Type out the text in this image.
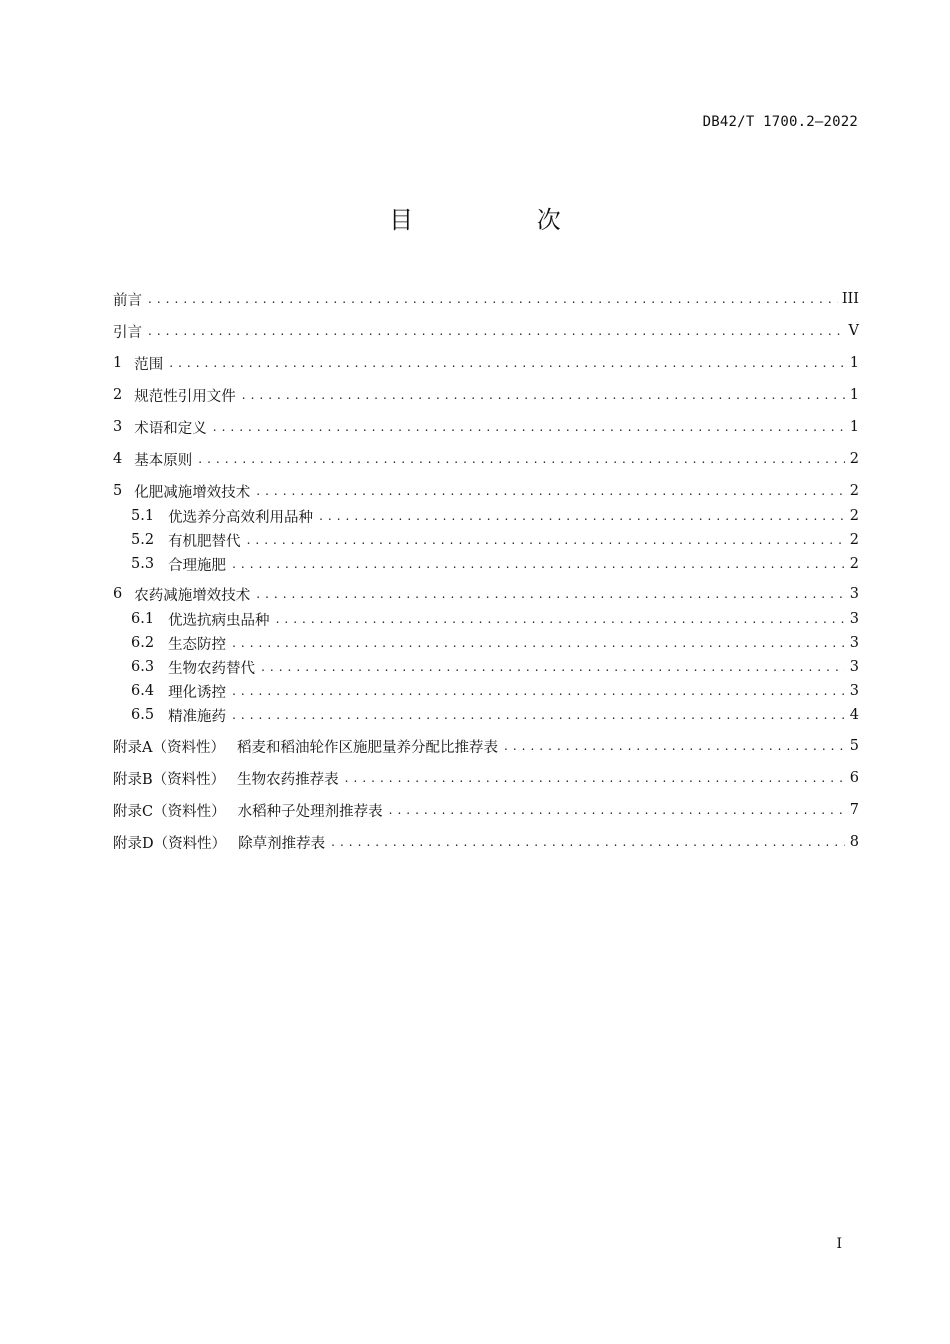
DB42/T 1700.2—2022
目 次
前言 . . .	III
引言 . . .	V
1 范围 . . .	1
2 规范性引用文件 . . .	1
3 术语和定义 . . .	1
4 基本原则 . . .	2
5 化肥减施增效技术 . . .	2
5.1 优选养分高效利用品种 . . .	2
5.2 有机肥替代 . . .	2
5.3 合理施肥 . . .	2
6 农药减施增效技术 . . .	3
6.1 优选抗病虫品种 . . .	3
6.2 生态防控 . . .	3
6.3 生物农药替代 . . .	3
6.4 理化诱控 . . .	3
6.5 精准施药 . . .	4
附录A（资料性） 稻麦和稻油轮作区施肥量养分配比推荐表 . . .	5
附录B（资料性） 生物农药推荐表 . . .	6
附录C（资料性） 水稻种子处理剂推荐表 . . .	7
附录D（资料性） 除草剂推荐表 . . .	8
I
